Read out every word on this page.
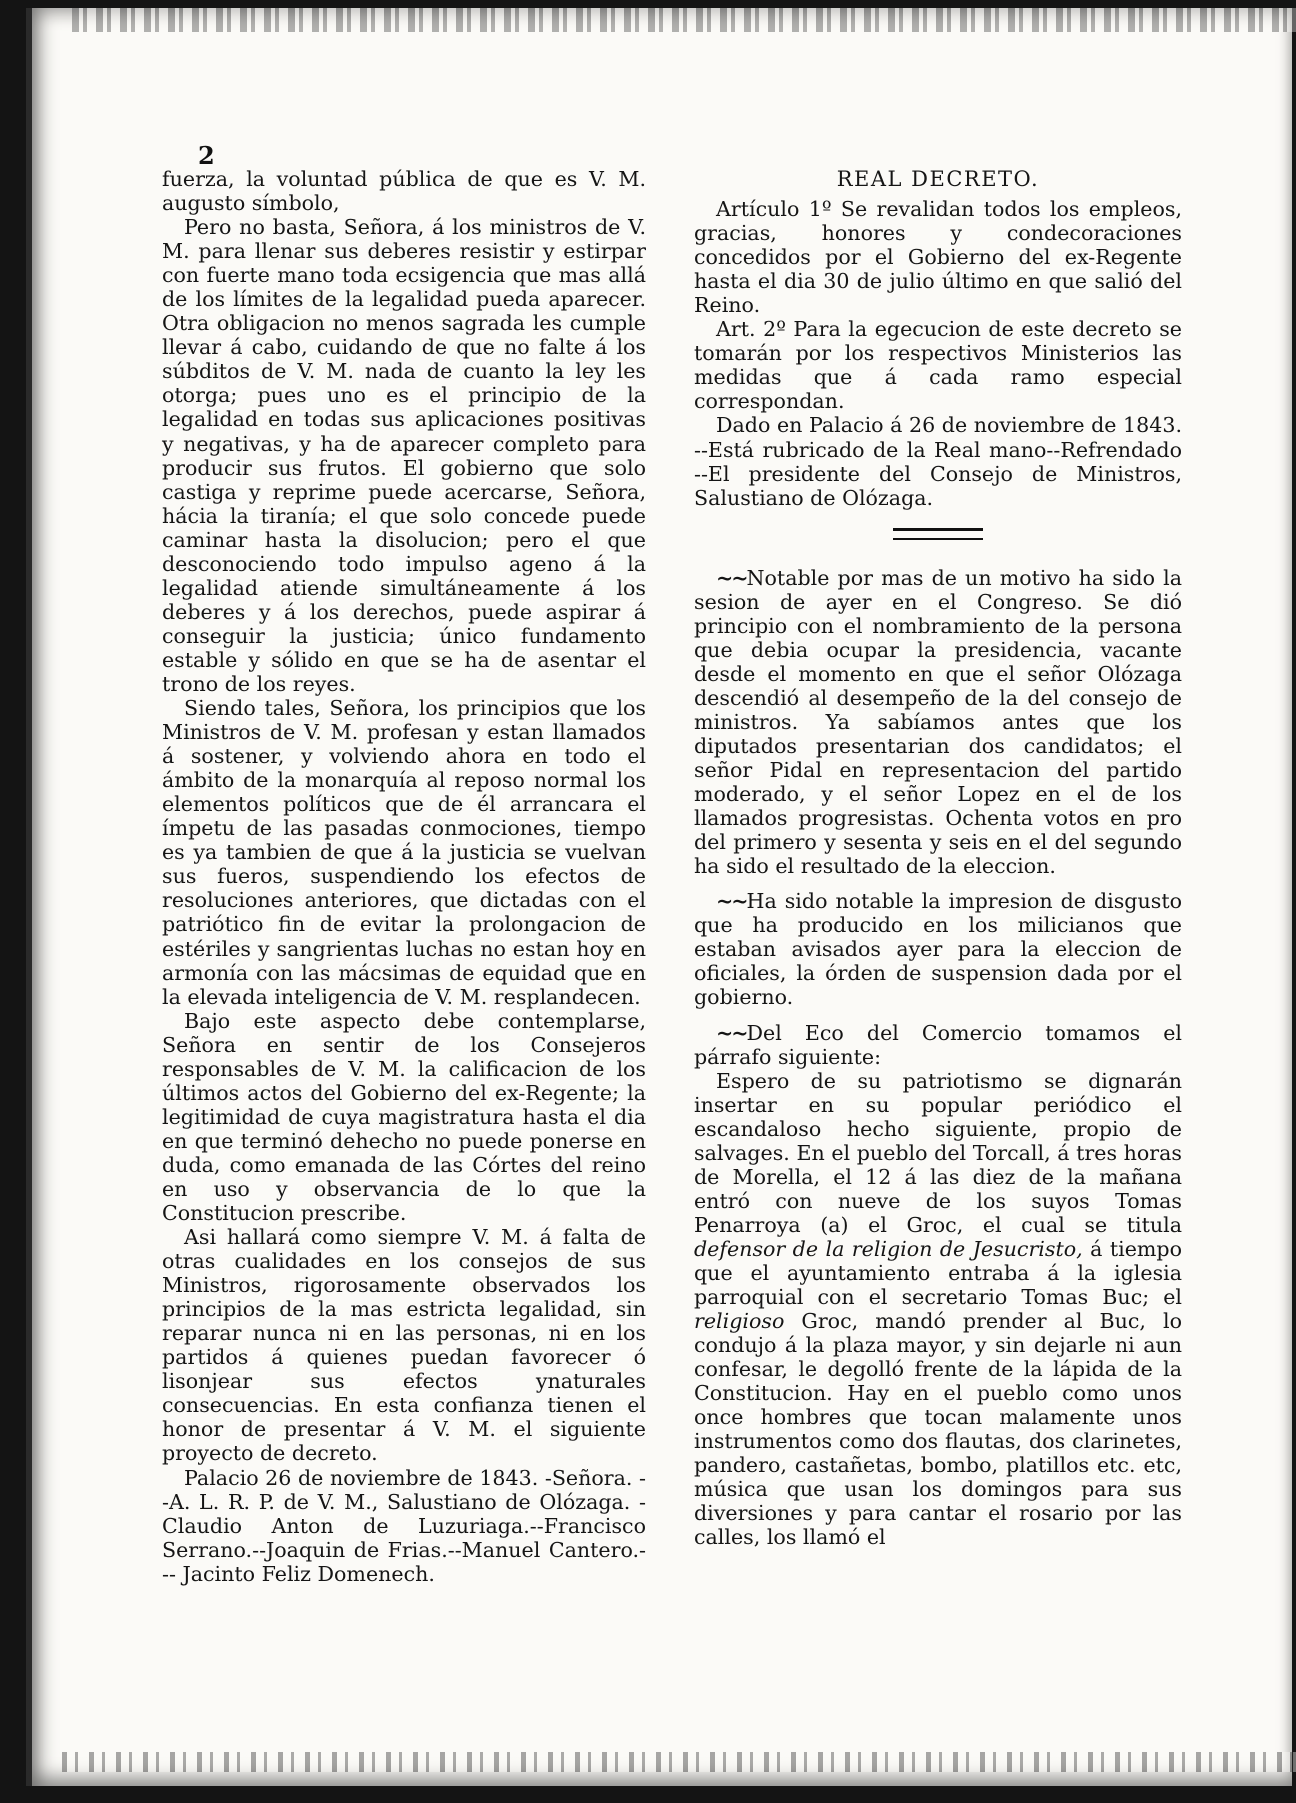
2

fuerza, la voluntad pública de que es V. M. augusto símbolo,

Pero no basta, Señora, á los ministros de V. M. para llenar sus deberes resistir y estirpar con fuerte mano toda ecsigencia que mas allá de los límites de la legalidad pueda aparecer. Otra obligacion no menos sagrada les cumple llevar á cabo, cuidando de que no falte á los súbditos de V. M. nada de cuanto la ley les otorga; pues uno es el principio de la legalidad en todas sus aplicaciones positivas y negativas, y ha de aparecer completo para producir sus frutos. El gobierno que solo castiga y reprime puede acercarse, Señora, hácia la tiranía; el que solo concede puede caminar hasta la disolucion; pero el que desconociendo todo impulso ageno á la legalidad atiende simultáneamente á los deberes y á los derechos, puede aspirar á conseguir la justicia; único fundamento estable y sólido en que se ha de asentar el trono de los reyes.

Siendo tales, Señora, los principios que los Ministros de V. M. profesan y estan llamados á sostener, y volviendo ahora en todo el ámbito de la monarquía al reposo normal los elementos políticos que de él arrancara el ímpetu de las pasadas conmociones, tiempo es ya tambien de que á la justicia se vuelvan sus fueros, suspendiendo los efectos de resoluciones anteriores, que dictadas con el patriótico fin de evitar la prolongacion de estériles y sangrientas luchas no estan hoy en armonía con las mácsimas de equidad que en la elevada inteligencia de V. M. resplandecen.

Bajo este aspecto debe contemplarse, Señora en sentir de los Consejeros responsables de V. M. la calificacion de los últimos actos del Gobierno del ex-Regente; la legitimidad de cuya magistratura hasta el dia en que terminó dehecho no puede ponerse en duda, como emanada de las Córtes del reino en uso y observancia de lo que la Constitucion prescribe.

Asi hallará como siempre V. M. á falta de otras cualidades en los consejos de sus Ministros, rigorosamente observados los principios de la mas estricta legalidad, sin reparar nunca ni en las personas, ni en los partidos á quienes puedan favorecer ó lisonjear sus efectos ynaturales consecuencias. En esta confianza tienen el honor de presentar á V. M. el siguiente proyecto de decreto.

Palacio 26 de noviembre de 1843. -Señora. --A. L. R. P. de V. M., Salustiano de Olózaga. -Claudio Anton de Luzuriaga.--Francisco Serrano.--Joaquin de Frias.--Manuel Cantero.--- Jacinto Feliz Domenech.

REAL DECRETO.

Artículo 1º Se revalidan todos los empleos, gracias, honores y condecoraciones concedidos por el Gobierno del ex-Regente hasta el dia 30 de julio último en que salió del Reino.

Art. 2º Para la egecucion de este decreto se tomarán por los respectivos Ministerios las medidas que á cada ramo especial correspondan.

Dado en Palacio á 26 de noviembre de 1843. --Está rubricado de la Real mano--Refrendado --El presidente del Consejo de Ministros, Salustiano de Olózaga.

~~Notable por mas de un motivo ha sido la sesion de ayer en el Congreso. Se dió principio con el nombramiento de la persona que debia ocupar la presidencia, vacante desde el momento en que el señor Olózaga descendió al desempeño de la del consejo de ministros. Ya sabíamos antes que los diputados presentarian dos candidatos; el señor Pidal en representacion del partido moderado, y el señor Lopez en el de los llamados progresistas. Ochenta votos en pro del primero y sesenta y seis en el del segundo ha sido el resultado de la eleccion.

~~Ha sido notable la impresion de disgusto que ha producido en los milicianos que estaban avisados ayer para la eleccion de oficiales, la órden de suspension dada por el gobierno.

~~Del Eco del Comercio tomamos el párrafo siguiente:

Espero de su patriotismo se dignarán insertar en su popular periódico el escandaloso hecho siguiente, propio de salvages. En el pueblo del Torcall, á tres horas de Morella, el 12 á las diez de la mañana entró con nueve de los suyos Tomas Penarroya (a) el Groc, el cual se titula defensor de la religion de Jesucristo, á tiempo que el ayuntamiento entraba á la iglesia parroquial con el secretario Tomas Buc; el religioso Groc, mandó prender al Buc, lo condujo á la plaza mayor, y sin dejarle ni aun confesar, le degolló frente de la lápida de la Constitucion. Hay en el pueblo como unos once hombres que tocan malamente unos instrumentos como dos flautas, dos clarinetes, pandero, castañetas, bombo, platillos etc. etc, música que usan los domingos para sus diversiones y para cantar el rosario por las calles, los llamó el
